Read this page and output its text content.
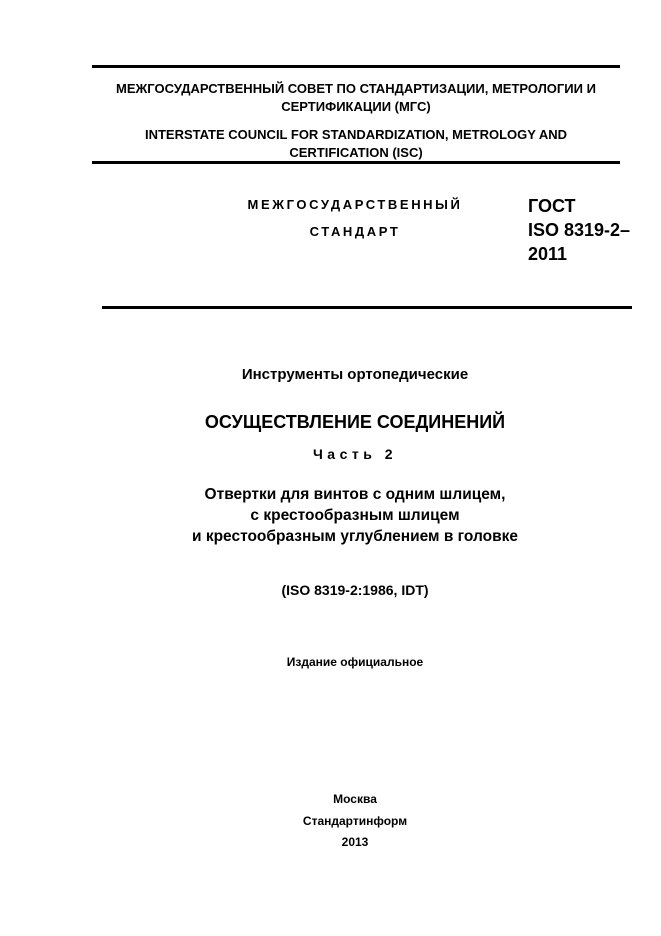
МЕЖГОСУДАРСТВЕННЫЙ СОВЕТ ПО СТАНДАРТИЗАЦИИ, МЕТРОЛОГИИ И
СЕРТИФИКАЦИИ (МГС)
INTERSTATE COUNCIL FOR STANDARDIZATION, METROLOGY AND
CERTIFICATION (ISC)
МЕЖГОСУДАРСТВЕННЫЙ
СТАНДАРТ
ГОСТ
ISO 8319-2–
2011
Инструменты ортопедические
ОСУЩЕСТВЛЕНИЕ СОЕДИНЕНИЙ
Часть 2
Отвертки для винтов с одним шлицем,
с крестообразным шлицем
и крестообразным углублением в головке
(ISO 8319-2:1986, IDT)
Издание официальное
Москва
Стандартинформ
2013
